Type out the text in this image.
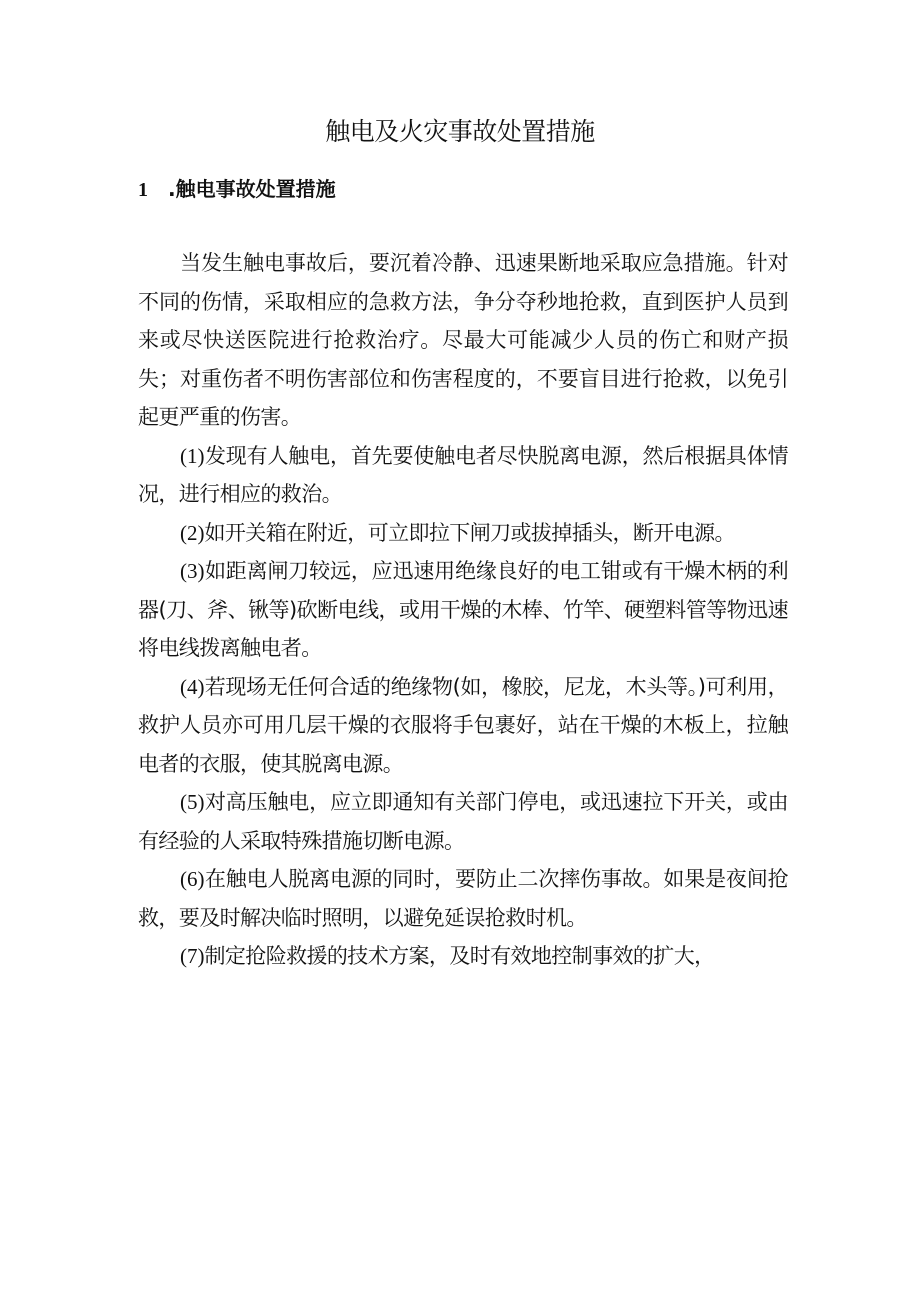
触电及火灾事故处置措施
1 .触电事故处置措施

当发生触电事故后，要沉着冷静、迅速果断地采取应急措施。针对不同的伤情，采取相应的急救方法，争分夺秒地抢救，直到医护人员到来或尽快送医院进行抢救治疗。尽最大可能减少人员的伤亡和财产损失；对重伤者不明伤害部位和伤害程度的，不要盲目进行抢救，以免引起更严重的伤害。

(1)发现有人触电，首先要使触电者尽快脱离电源，然后根据具体情况，进行相应的救治。

(2)如开关箱在附近，可立即拉下闸刀或拔掉插头，断开电源。

(3)如距离闸刀较远，应迅速用绝缘良好的电工钳或有干燥木柄的利器(刀、斧、锹等)砍断电线，或用干燥的木棒、竹竿、硬塑料管等物迅速将电线拨离触电者。

(4)若现场无任何合适的绝缘物(如，橡胶，尼龙，木头等。)可利用，救护人员亦可用几层干燥的衣服将手包裹好，站在干燥的木板上，拉触电者的衣服，使其脱离电源。

(5)对高压触电，应立即通知有关部门停电，或迅速拉下开关，或由有经验的人采取特殊措施切断电源。

(6)在触电人脱离电源的同时，要防止二次摔伤事故。如果是夜间抢救，要及时解决临时照明，以避免延误抢救时机。

(7)制定抢险救援的技术方案，及时有效地控制事效的扩大，
